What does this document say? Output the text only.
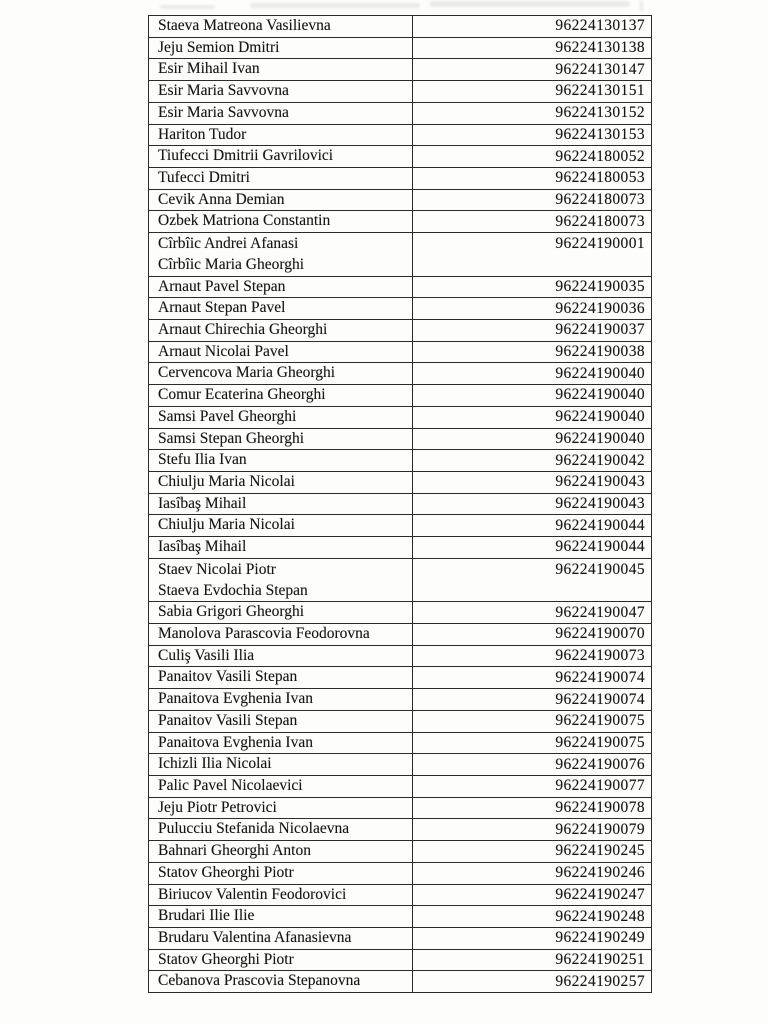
Staeva Matreona Vasilievna	96224130137

Jeju Semion Dmitri	96224130138

Esir Mihail Ivan	96224130147

Esir Maria Savvovna	96224130151

Esir Maria Savvovna	96224130152

Hariton Tudor	96224130153

Tiufecci Dmitrii Gavrilovici	96224180052

Tufecci Dmitri	96224180053

Cevik Anna Demian	96224180073

Ozbek Matriona Constantin	96224180073

Cîrbîic Andrei Afanasi
Cîrbîic Maria Gheorghi	96224190001

Arnaut Pavel Stepan	96224190035

Arnaut Stepan Pavel	96224190036

Arnaut Chirechia Gheorghi	96224190037

Arnaut Nicolai Pavel	96224190038

Cervencova Maria Gheorghi	96224190040

Comur Ecaterina Gheorghi	96224190040

Samsi Pavel Gheorghi	96224190040

Samsi Stepan Gheorghi	96224190040

Stefu Ilia Ivan	96224190042

Chiulju Maria Nicolai	96224190043

Iasîbaş Mihail	96224190043

Chiulju Maria Nicolai	96224190044

Iasîbaş Mihail	96224190044

Staev Nicolai Piotr
Staeva Evdochia Stepan	96224190045

Sabia Grigori Gheorghi	96224190047

Manolova Parascovia Feodorovna	96224190070

Culiş Vasili Ilia	96224190073

Panaitov Vasili Stepan	96224190074

Panaitova Evghenia Ivan	96224190074

Panaitov Vasili Stepan	96224190075

Panaitova Evghenia Ivan	96224190075

Ichizli Ilia Nicolai	96224190076

Palic Pavel Nicolaevici	96224190077

Jeju Piotr Petrovici	96224190078

Pulucciu Stefanida Nicolaevna	96224190079

Bahnari Gheorghi Anton	96224190245

Statov Gheorghi Piotr	96224190246

Biriucov Valentin Feodorovici	96224190247

Brudari Ilie Ilie	96224190248

Brudaru Valentina Afanasievna	96224190249

Statov Gheorghi Piotr	96224190251

Cebanova Prascovia Stepanovna	96224190257
